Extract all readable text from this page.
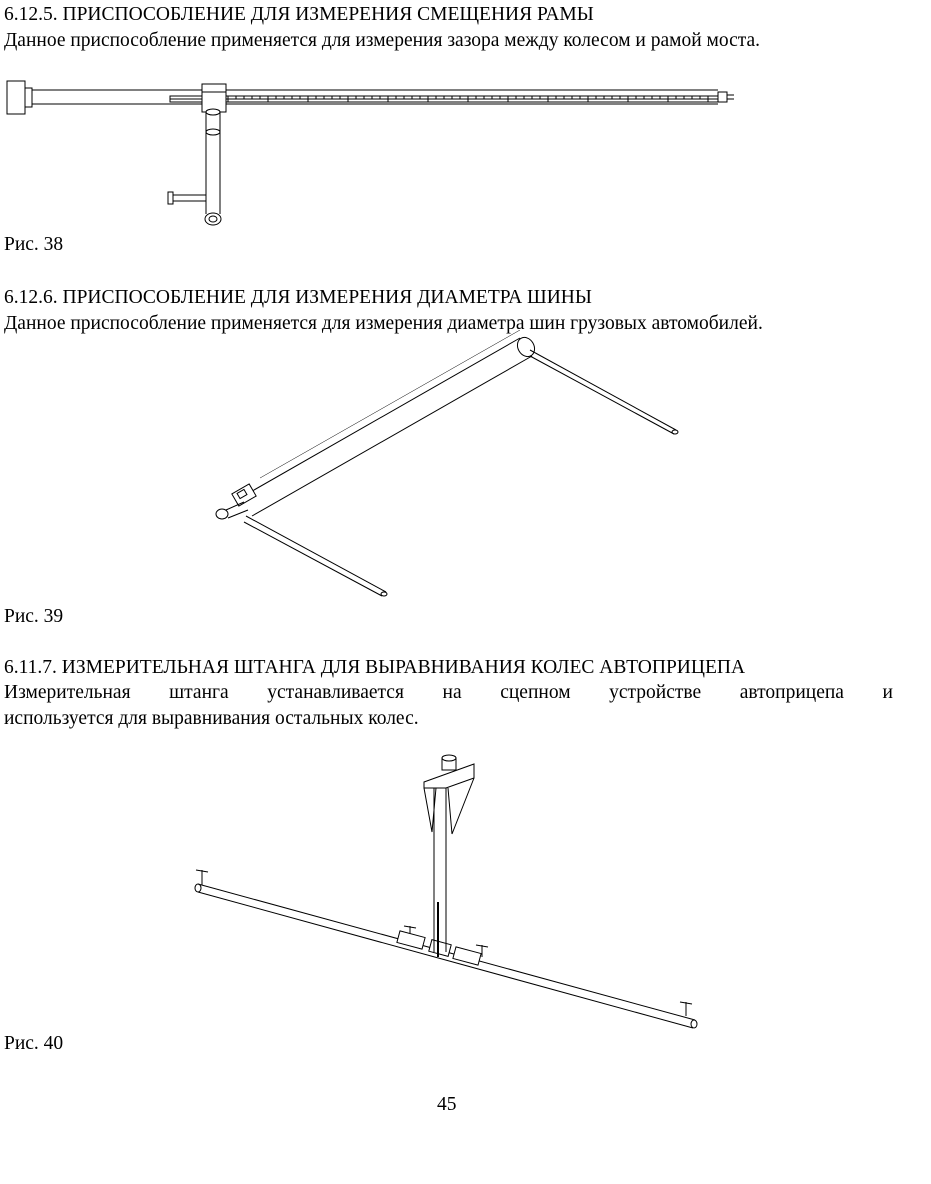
6.12.5. ПРИСПОСОБЛЕНИЕ ДЛЯ ИЗМЕРЕНИЯ СМЕЩЕНИЯ РАМЫ
Данное приспособление применяется для измерения зазора между колесом и рамой моста.
Рис. 38
6.12.6. ПРИСПОСОБЛЕНИЕ ДЛЯ ИЗМЕРЕНИЯ ДИАМЕТРА ШИНЫ
Данное приспособление применяется для измерения диаметра шин грузовых автомобилей.
Рис. 39
6.11.7. ИЗМЕРИТЕЛЬНАЯ ШТАНГА ДЛЯ ВЫРАВНИВАНИЯ КОЛЕС АВТОПРИЦЕПА
Измерительная штанга устанавливается на сцепном устройстве автоприцепа и
используется для выравнивания остальных колес.
Рис. 40
45
